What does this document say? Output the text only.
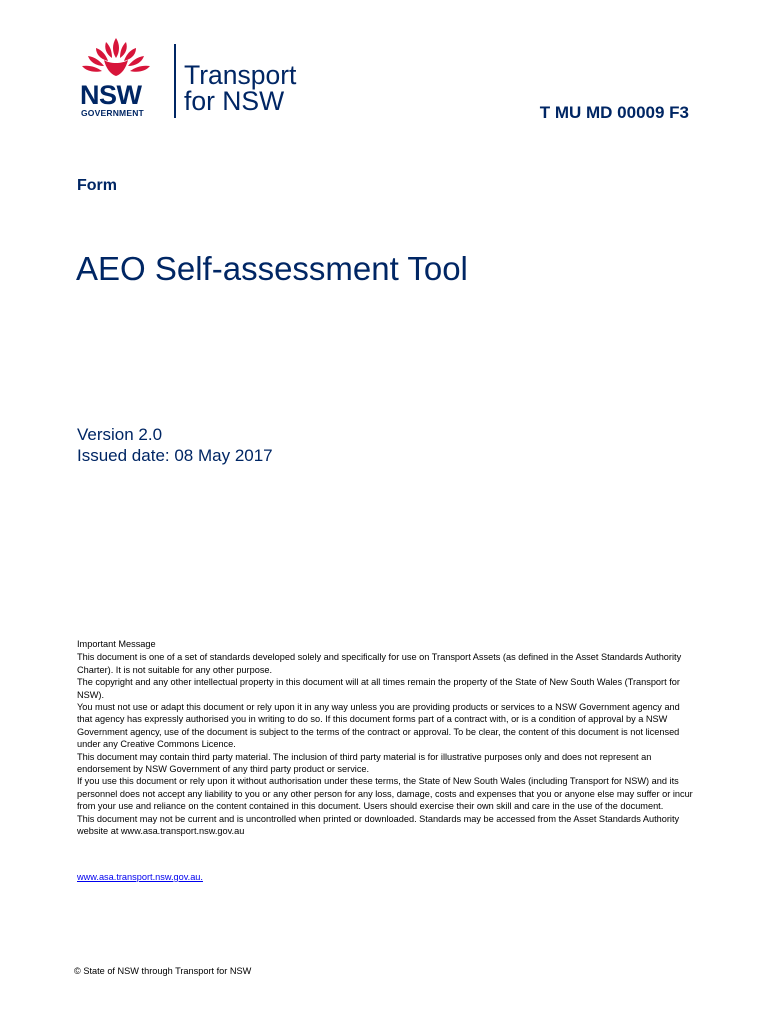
NSW
GOVERNMENT
Transport
for NSW	T MU MD 00009 F3
Form
AEO Self-assessment Tool
Version 2.0
Issued date: 08 May 2017

Important Message

This document is one of a set of standards developed solely and specifically for use on Transport Assets (as defined in the Asset Standards Authority Charter). It is not suitable for any other purpose.

The copyright and any other intellectual property in this document will at all times remain the property of the State of New South Wales (Transport for NSW).

You must not use or adapt this document or rely upon it in any way unless you are providing products or services to a NSW Government agency and that agency has expressly authorised you in writing to do so. If this document forms part of a contract with, or is a condition of approval by a NSW Government agency, use of the document is subject to the terms of the contract or approval. To be clear, the content of this document is not licensed under any Creative Commons Licence.

This document may contain third party material. The inclusion of third party material is for illustrative purposes only and does not represent an endorsement by NSW Government of any third party product or service.

If you use this document or rely upon it without authorisation under these terms, the State of New South Wales (including Transport for NSW) and its personnel does not accept any liability to you or any other person for any loss, damage, costs and expenses that you or anyone else may suffer or incur from your use and reliance on the content contained in this document. Users should exercise their own skill and care in the use of the document.

This document may not be current and is uncontrolled when printed or downloaded. Standards may be accessed from the Asset Standards Authority website at www.asa.transport.nsw.gov.au

www.asa.transport.nsw.gov.au.
© State of NSW through Transport for NSW
